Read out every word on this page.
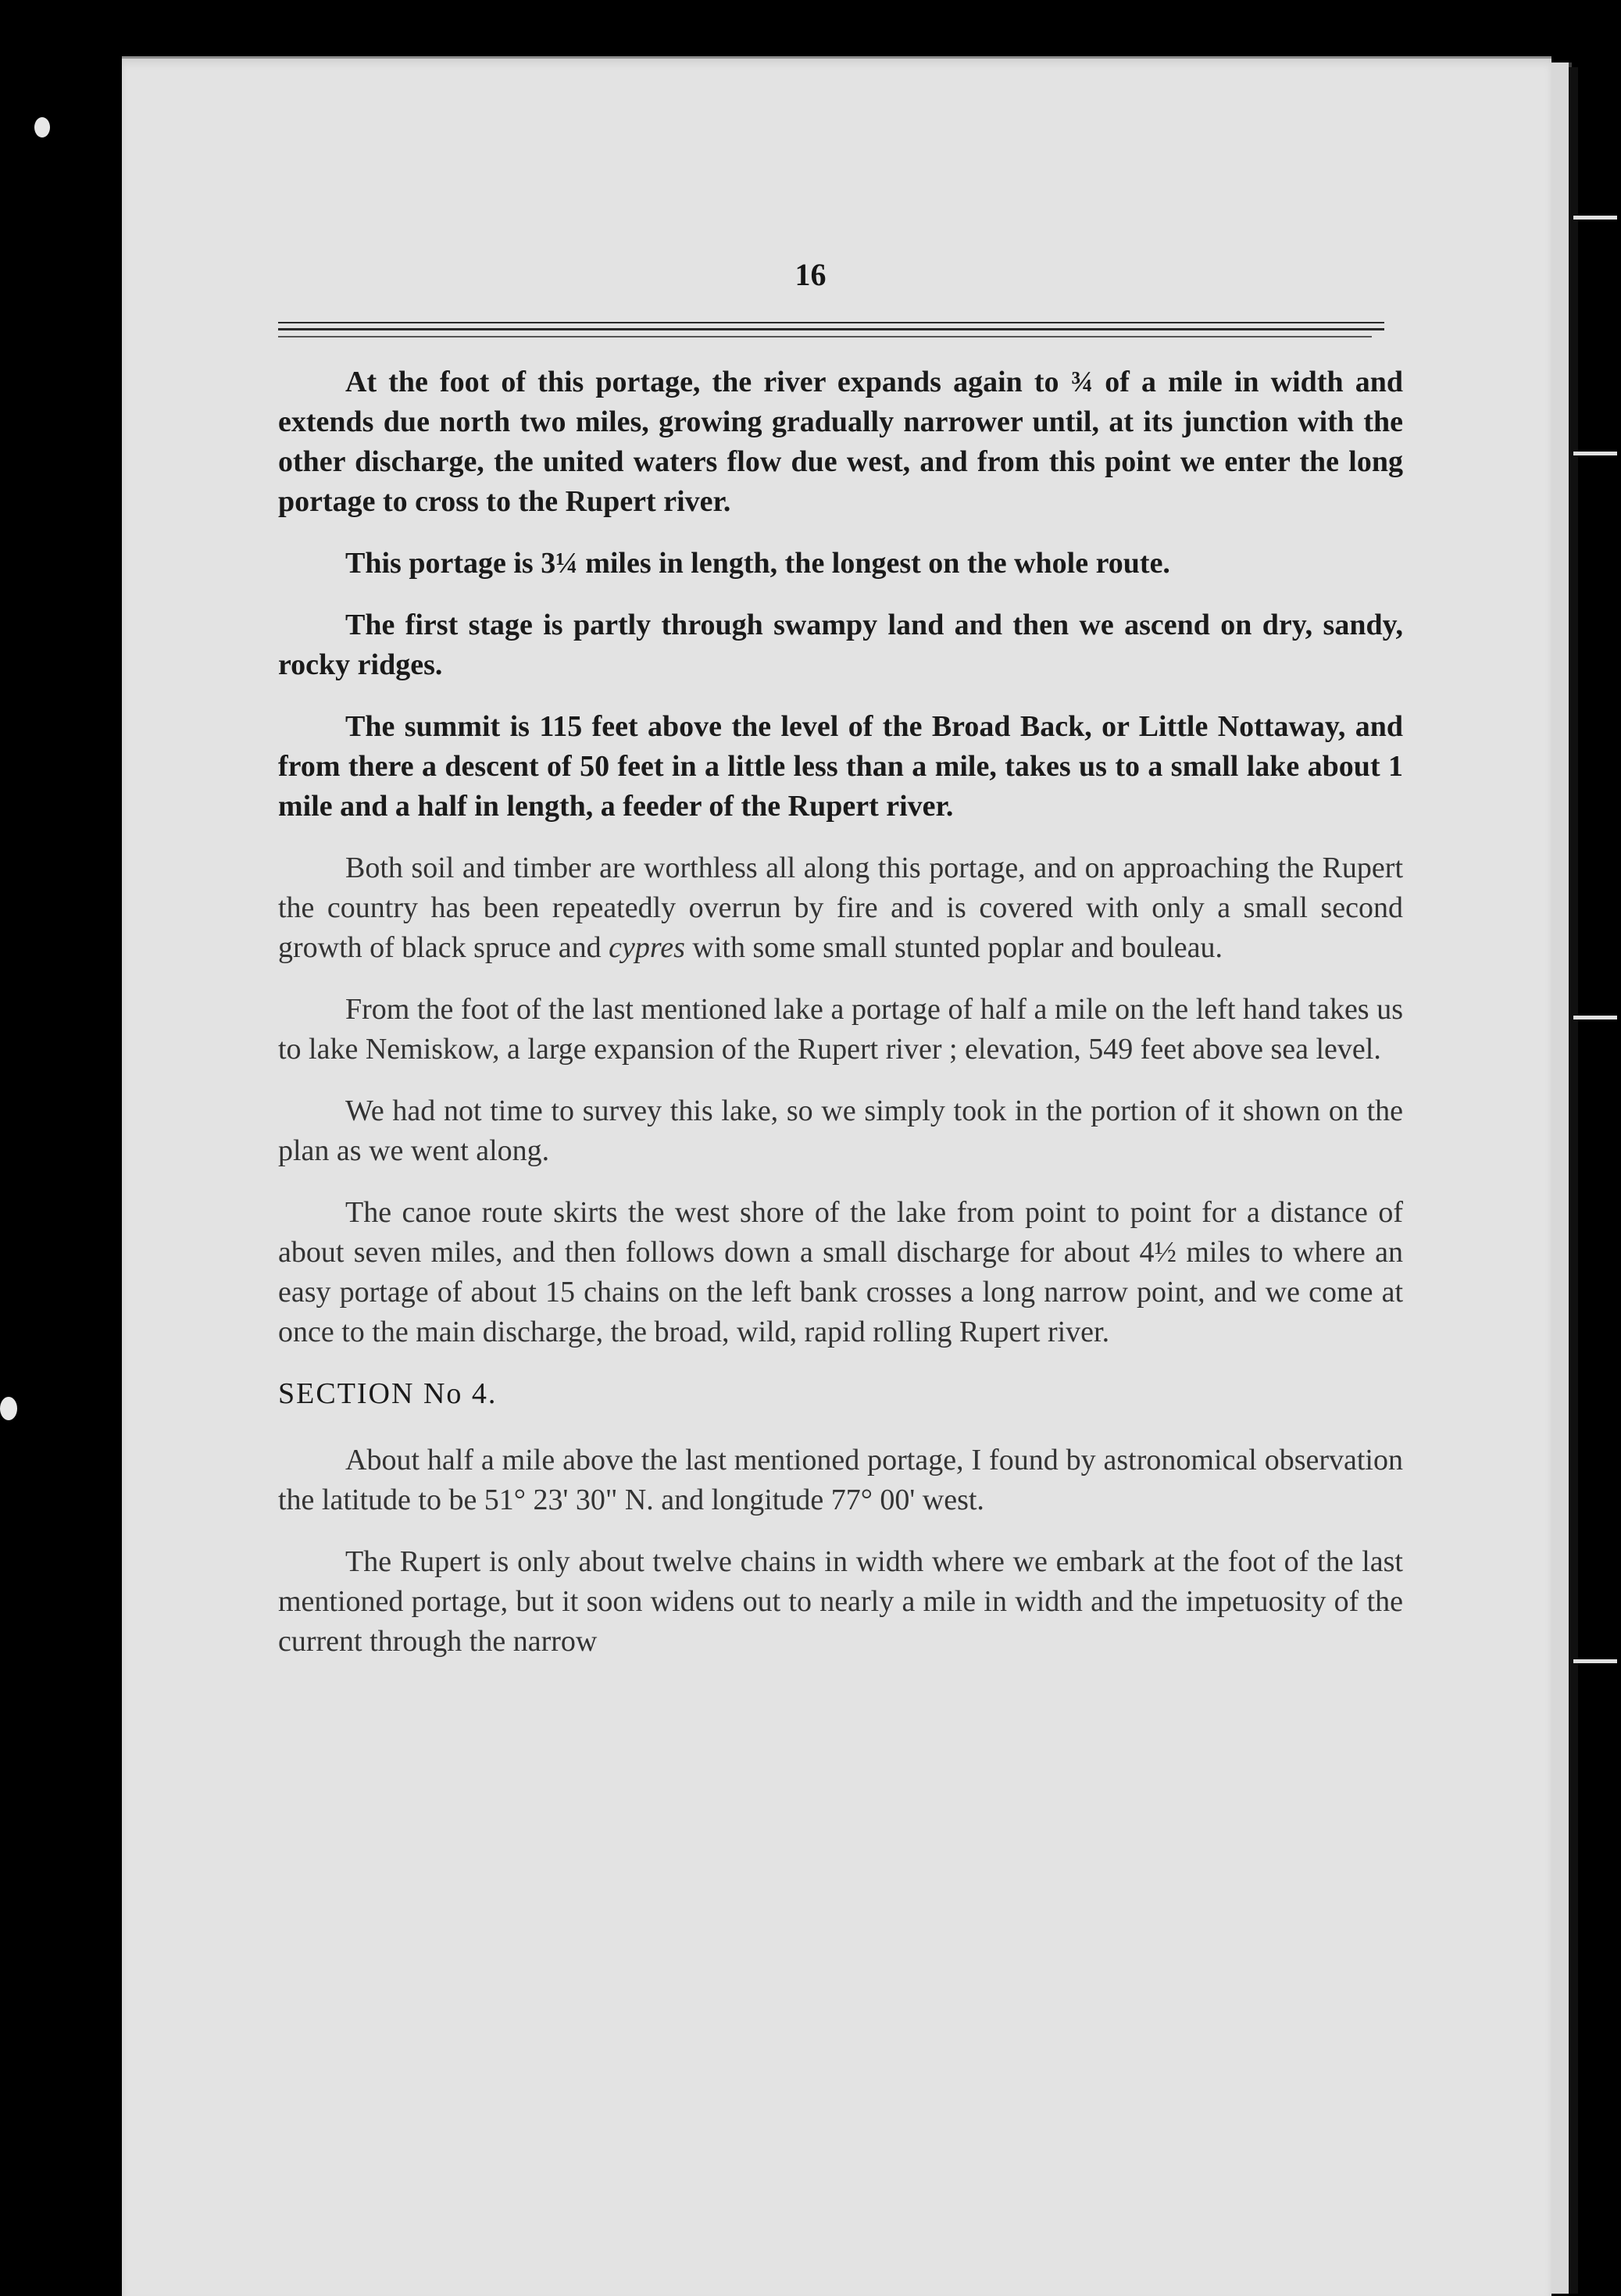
16

At the foot of this portage, the river expands again to ¾ of a mile in width and extends due north two miles, growing gradually narrower until, at its junction with the other discharge, the united waters flow due west, and from this point we enter the long portage to cross to the Rupert river.

This portage is 3¼ miles in length, the longest on the whole route.

The first stage is partly through swampy land and then we ascend on dry, sandy, rocky ridges.

The summit is 115 feet above the level of the Broad Back, or Little Nottaway, and from there a descent of 50 feet in a little less than a mile, takes us to a small lake about 1 mile and a half in length, a feeder of the Rupert river.

Both soil and timber are worthless all along this portage, and on approaching the Rupert the country has been repeatedly overrun by fire and is covered with only a small second growth of black spruce and cypres with some small stunted poplar and bouleau.

From the foot of the last mentioned lake a portage of half a mile on the left hand takes us to lake Nemiskow, a large expansion of the Rupert river ; elevation, 549 feet above sea level.

We had not time to survey this lake, so we simply took in the portion of it shown on the plan as we went along.

The canoe route skirts the west shore of the lake from point to point for a distance of about seven miles, and then follows down a small discharge for about 4½ miles to where an easy portage of about 15 chains on the left bank crosses a long narrow point, and we come at once to the main discharge, the broad, wild, rapid rolling Rupert river.

SECTION No 4.

About half a mile above the last mentioned portage, I found by astronomical observation the latitude to be 51° 23' 30" N. and longitude 77° 00' west.

The Rupert is only about twelve chains in width where we embark at the foot of the last mentioned portage, but it soon widens out to nearly a mile in width and the impetuosity of the current through the narrow
